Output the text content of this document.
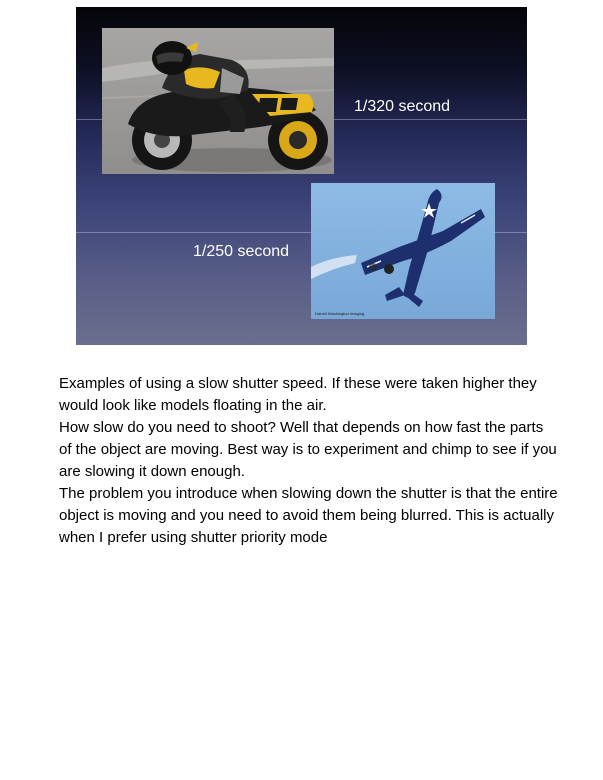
Darrell Washington Imaging
1/320 second
1/250 second

Examples of using a slow shutter speed. If these were taken higher they would look like models floating in the air.

How slow do you need to shoot? Well that depends on how fast the parts of the object are moving. Best way is to experiment and chimp to see if you are slowing it down enough.

The problem you introduce when slowing down the shutter is that the entire object is moving and you need to avoid them being blurred. This is actually when I prefer using shutter priority mode
